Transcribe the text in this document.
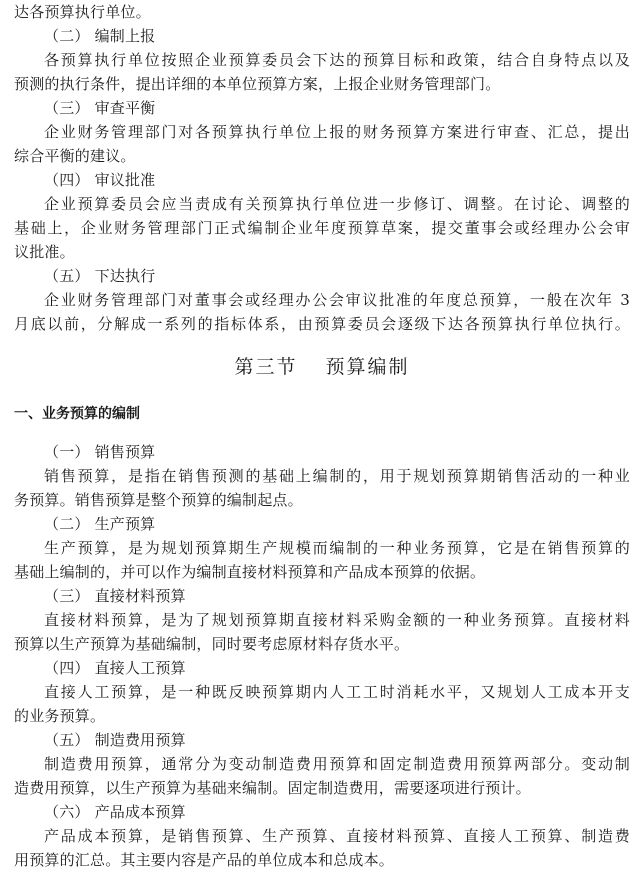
达各预算执行单位。
（二） 编制上报
各预算执行单位按照企业预算委员会下达的预算目标和政策，结合自身特点以及
预测的执行条件，提出详细的本单位预算方案，上报企业财务管理部门。
（三） 审查平衡
企业财务管理部门对各预算执行单位上报的财务预算方案进行审查、汇总，提出
综合平衡的建议。
（四） 审议批准
企业预算委员会应当责成有关预算执行单位进一步修订、调整。在讨论、调整的
基础上，企业财务管理部门正式编制企业年度预算草案，提交董事会或经理办公会审
议批准。
（五） 下达执行
企业财务管理部门对董事会或经理办公会审议批准的年度总预算，一般在次年 3
月底以前，分解成一系列的指标体系，由预算委员会逐级下达各预算执行单位执行。
第三节 预算编制
一、业务预算的编制
（一） 销售预算
销售预算，是指在销售预测的基础上编制的，用于规划预算期销售活动的一种业
务预算。销售预算是整个预算的编制起点。
（二） 生产预算
生产预算，是为规划预算期生产规模而编制的一种业务预算，它是在销售预算的
基础上编制的，并可以作为编制直接材料预算和产品成本预算的依据。
（三） 直接材料预算
直接材料预算，是为了规划预算期直接材料采购金额的一种业务预算。直接材料
预算以生产预算为基础编制，同时要考虑原材料存货水平。
（四） 直接人工预算
直接人工预算，是一种既反映预算期内人工工时消耗水平，又规划人工成本开支
的业务预算。
（五） 制造费用预算
制造费用预算，通常分为变动制造费用预算和固定制造费用预算两部分。变动制
造费用预算，以生产预算为基础来编制。固定制造费用，需要逐项进行预计。
（六） 产品成本预算
产品成本预算，是销售预算、生产预算、直接材料预算、直接人工预算、制造费
用预算的汇总。其主要内容是产品的单位成本和总成本。
